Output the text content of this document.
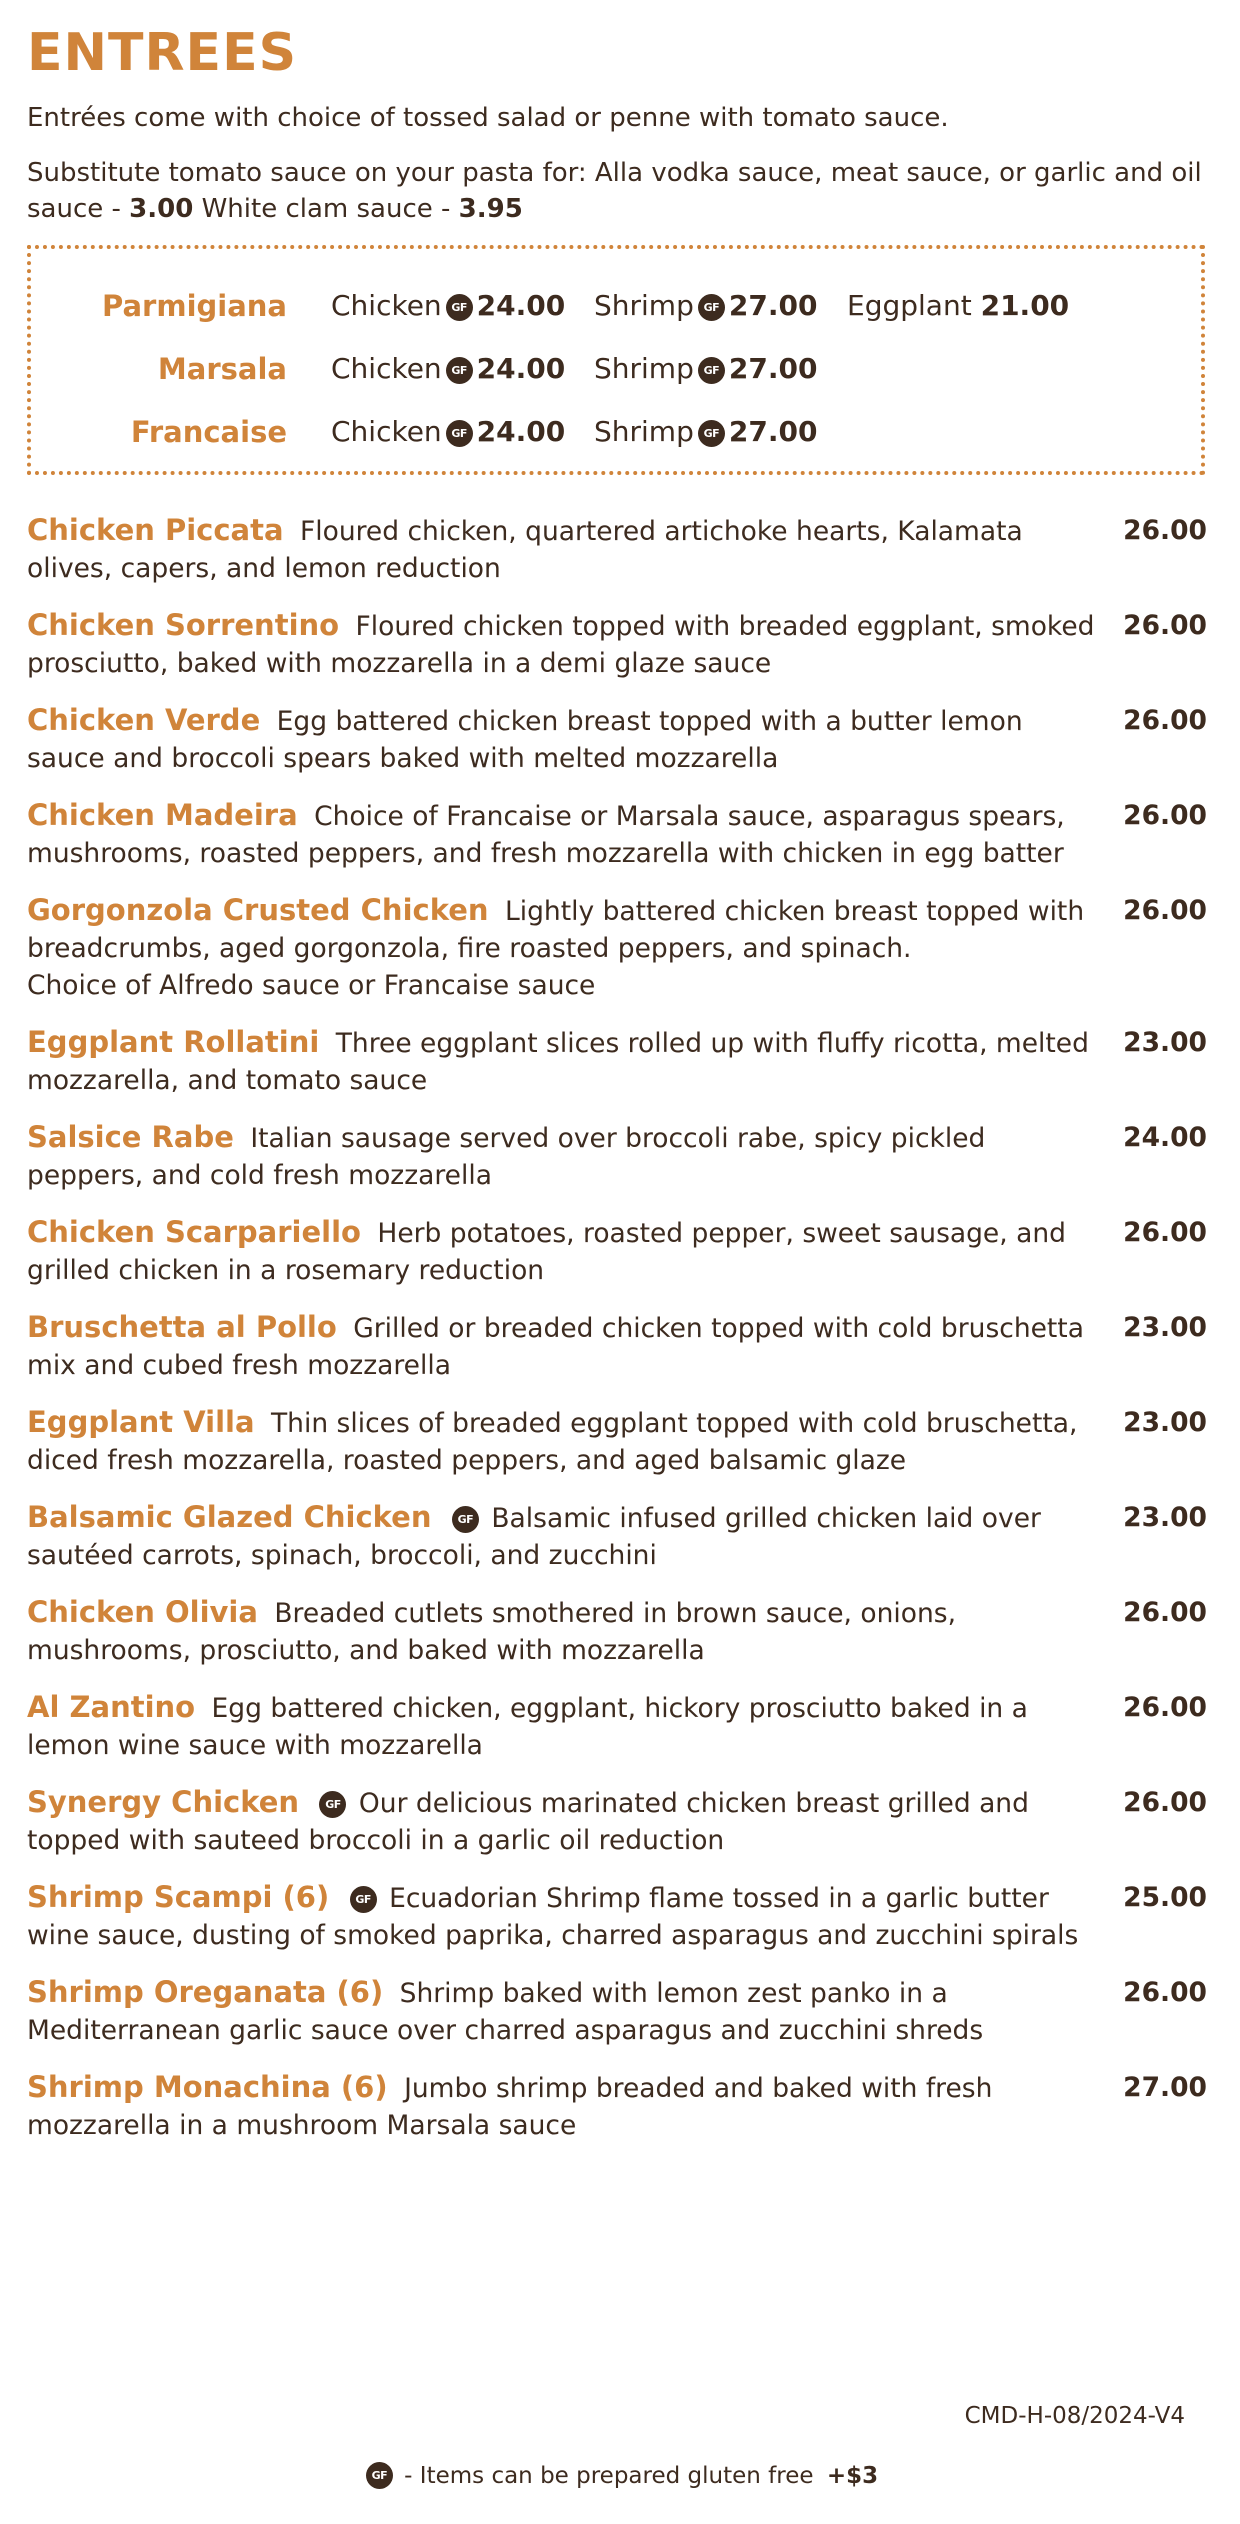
ENTREES

Entrées come with choice of tossed salad or penne with tomato sauce.

Substitute tomato sauce on your pasta for: Alla vodka sauce, meat sauce, or garlic and oil sauce - 3.00 White clam sauce - 3.95

Parmigiana Chicken GF 24.00 Shrimp GF 27.00 Eggplant 21.00
Marsala Chicken GF 24.00 Shrimp GF 27.00
Francaise Chicken GF 24.00 Shrimp GF 27.00
Chicken Piccata Floured chicken, quartered artichoke hearts, Kalamata olives, capers, and lemon reduction
26.00
Chicken Sorrentino Floured chicken topped with breaded eggplant, smoked prosciutto, baked with mozzarella in a demi glaze sauce
26.00
Chicken Verde Egg battered chicken breast topped with a butter lemon sauce and broccoli spears baked with melted mozzarella
26.00
Chicken Madeira Choice of Francaise or Marsala sauce, asparagus spears, mushrooms, roasted peppers, and fresh mozzarella with chicken in egg batter
26.00
Gorgonzola Crusted Chicken Lightly battered chicken breast topped with breadcrumbs, aged gorgonzola, fire roasted peppers, and spinach.
Choice of Alfredo sauce or Francaise sauce
26.00
Eggplant Rollatini Three eggplant slices rolled up with fluffy ricotta, melted mozzarella, and tomato sauce
23.00
Salsice Rabe Italian sausage served over broccoli rabe, spicy pickled peppers, and cold fresh mozzarella
24.00
Chicken Scarpariello Herb potatoes, roasted pepper, sweet sausage, and grilled chicken in a rosemary reduction
26.00
Bruschetta al Pollo Grilled or breaded chicken topped with cold bruschetta mix and cubed fresh mozzarella
23.00
Eggplant Villa Thin slices of breaded eggplant topped with cold bruschetta, diced fresh mozzarella, roasted peppers, and aged balsamic glaze
23.00
Balsamic Glazed Chicken GF Balsamic infused grilled chicken laid over sautéed carrots, spinach, broccoli, and zucchini
23.00
Chicken Olivia Breaded cutlets smothered in brown sauce, onions, mushrooms, prosciutto, and baked with mozzarella
26.00
Al Zantino Egg battered chicken, eggplant, hickory prosciutto baked in a lemon wine sauce with mozzarella
26.00
Synergy Chicken GF Our delicious marinated chicken breast grilled and topped with sauteed broccoli in a garlic oil reduction
26.00
Shrimp Scampi (6) GF Ecuadorian Shrimp flame tossed in a garlic butter wine sauce, dusting of smoked paprika, charred asparagus and zucchini spirals
25.00
Shrimp Oreganata (6) Shrimp baked with lemon zest panko in a Mediterranean garlic sauce over charred asparagus and zucchini shreds
26.00
Shrimp Monachina (6) Jumbo shrimp breaded and baked with fresh mozzarella in a mushroom Marsala sauce
27.00
CMD-H-08/2024-V4
GF - Items can be prepared gluten free +$3
